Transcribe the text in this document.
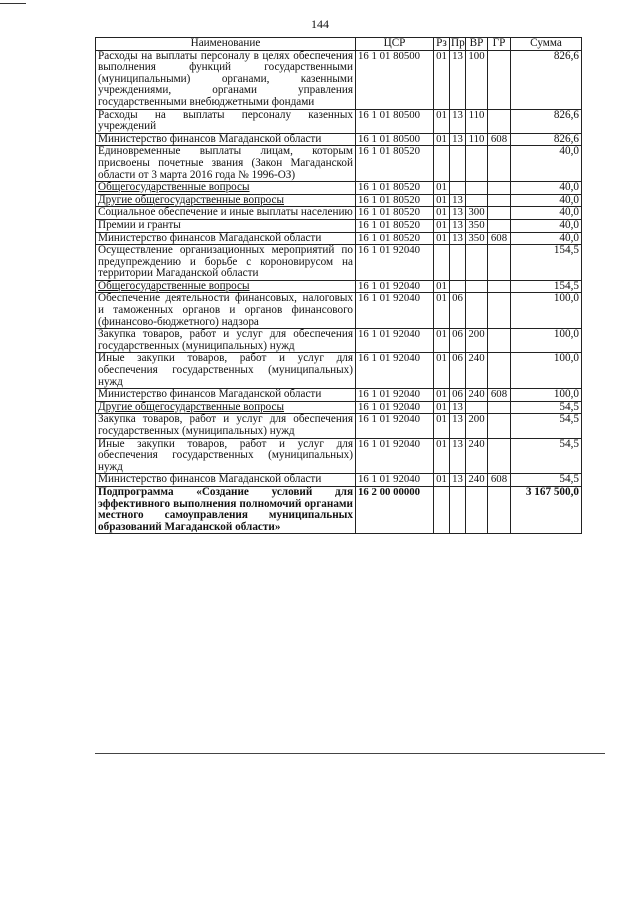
144
Наименование	ЦСР	Рз	Пр	ВР	ГР	Сумма
Расходы на выплаты персоналу в целях обеспечения выполнения функций государственными (муниципальными) органами, казенными учреждениями, органами управления государственными внебюджетными фондами	16 1 01 80500	01	13	100		826,6
Расходы на выплаты персоналу казенных учреждений	16 1 01 80500	01	13	110		826,6
Министерство финансов Магаданской области	16 1 01 80500	01	13	110	608	826,6
Единовременные выплаты лицам, которым присвоены почетные звания (Закон Магаданской области от 3 марта 2016 года № 1996-ОЗ)	16 1 01 80520					40,0
Общегосударственные вопросы	16 1 01 80520	01				40,0
Другие общегосударственные вопросы	16 1 01 80520	01	13			40,0
Социальное обеспечение и иные выплаты населению	16 1 01 80520	01	13	300		40,0
Премии и гранты	16 1 01 80520	01	13	350		40,0
Министерство финансов Магаданской области	16 1 01 80520	01	13	350	608	40,0
Осуществление организационных мероприятий по предупреждению и борьбе с короновирусом на территории Магаданской области	16 1 01 92040					154,5
Общегосударственные вопросы	16 1 01 92040	01				154,5
Обеспечение деятельности финансовых, налоговых и таможенных органов и органов финансового (финансово-бюджетного) надзора	16 1 01 92040	01	06			100,0
Закупка товаров, работ и услуг для обеспечения государственных (муниципальных) нужд	16 1 01 92040	01	06	200		100,0
Иные закупки товаров, работ и услуг для обеспечения государственных (муниципальных) нужд	16 1 01 92040	01	06	240		100,0
Министерство финансов Магаданской области	16 1 01 92040	01	06	240	608	100,0
Другие общегосударственные вопросы	16 1 01 92040	01	13			54,5
Закупка товаров, работ и услуг для обеспечения государственных (муниципальных) нужд	16 1 01 92040	01	13	200		54,5
Иные закупки товаров, работ и услуг для обеспечения государственных (муниципальных) нужд	16 1 01 92040	01	13	240		54,5
Министерство финансов Магаданской области	16 1 01 92040	01	13	240	608	54,5
Подпрограмма «Создание условий для эффективного выполнения полномочий органами местного самоуправления муниципальных образований Магаданской области»	16 2 00 00000					3 167 500,0
